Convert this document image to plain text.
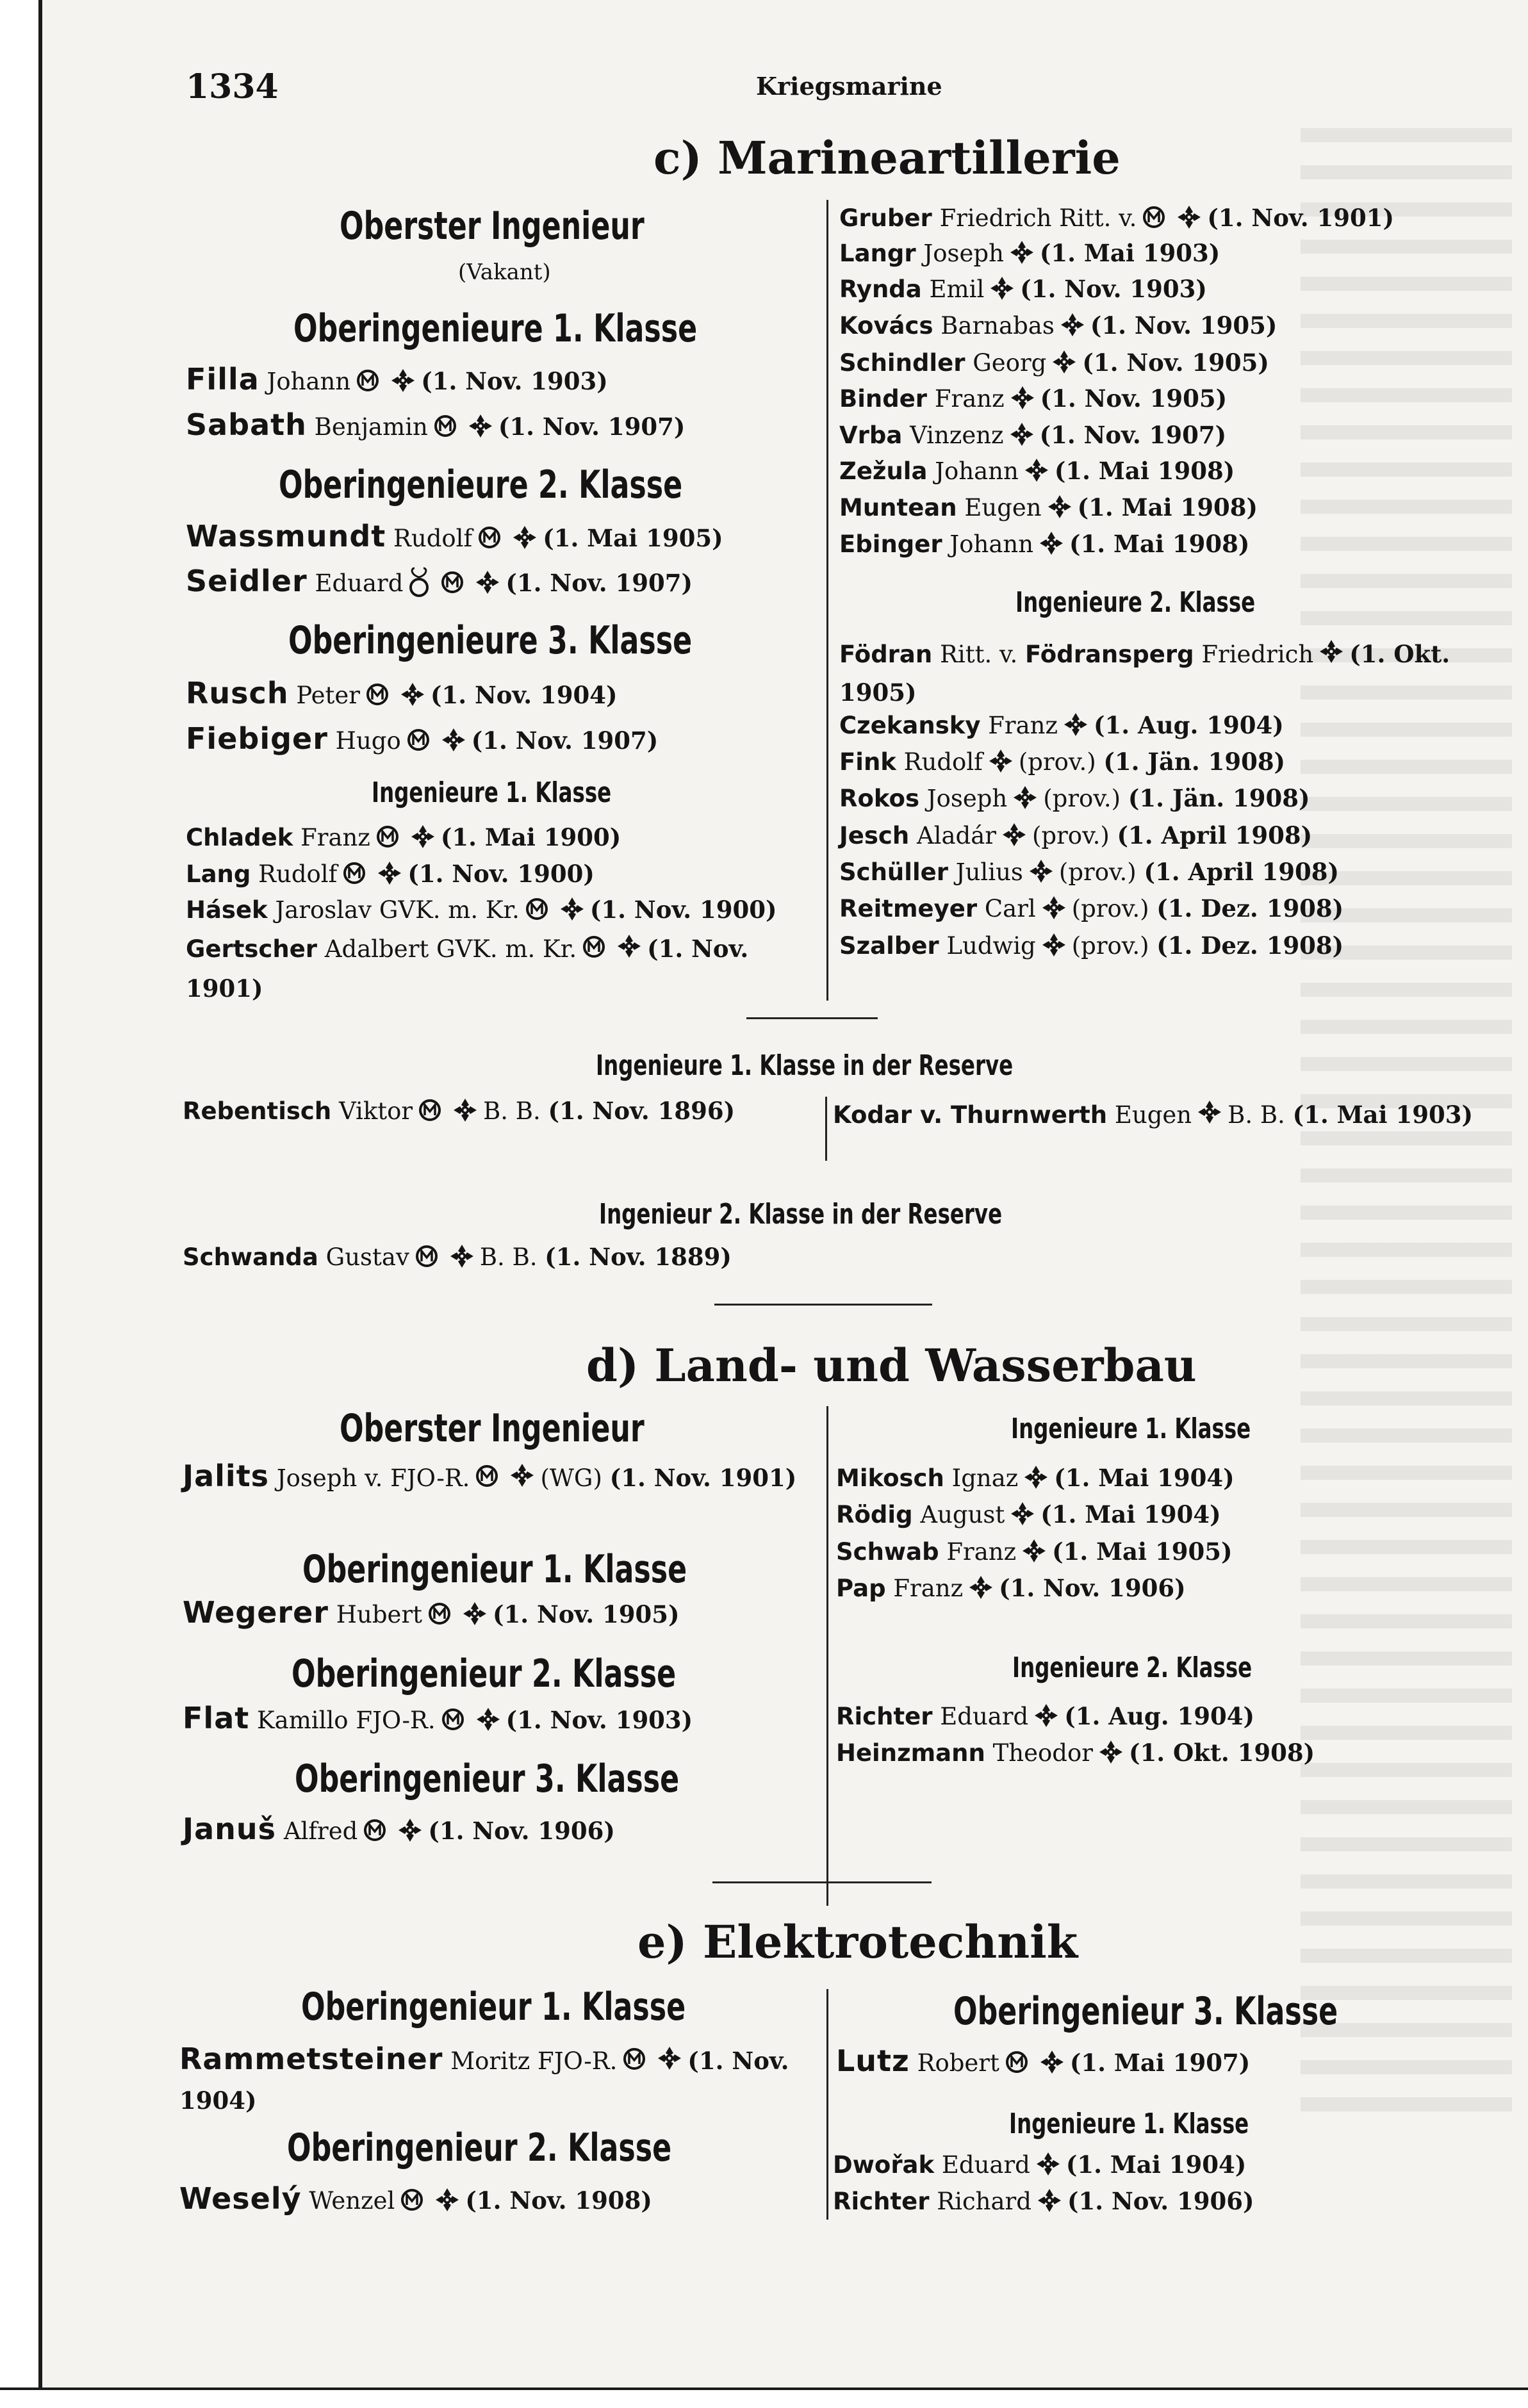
1334	Kriegsmarine
c) Marineartillerie
Oberster Ingenieur
(Vakant)
Oberingenieure 1. Klasse
Filla Johann	(1. Nov. 1903)
Sabath Benjamin	(1. Nov. 1907)
Oberingenieure 2. Klasse
Wassmundt Rudolf	(1. Mai 1905)
Seidler Eduard	(1. Nov. 1907)
Oberingenieure 3. Klasse
Rusch Peter	(1. Nov. 1904)
Fiebiger Hugo	(1. Nov. 1907)
Ingenieure 1. Klasse
Chladek Franz	(1. Mai 1900)
Lang Rudolf	(1. Nov. 1900)
Hásek Jaroslav GVK. m. Kr.	(1. Nov. 1900)
Gertscher Adalbert GVK. m. Kr.	(1. Nov. 1901)
Gruber Friedrich Ritt. v.	(1. Nov. 1901)
Langr Joseph (1. Mai 1903)
Rynda Emil (1. Nov. 1903)
Kovács Barnabas (1. Nov. 1905)
Schindler Georg (1. Nov. 1905)
Binder Franz (1. Nov. 1905)
Vrba Vinzenz (1. Nov. 1907)
Zežula Johann (1. Mai 1908)
Muntean Eugen (1. Mai 1908)
Ebinger Johann (1. Mai 1908)
Ingenieure 2. Klasse
Födran Ritt. v. Födransperg Friedrich (1. Okt. 1905)
Czekansky Franz (1. Aug. 1904)
Fink Rudolf (prov.) (1. Jän. 1908)
Rokos Joseph (prov.) (1. Jän. 1908)
Jesch Aladár (prov.) (1. April 1908)
Schüller Julius (prov.) (1. April 1908)
Reitmeyer Carl (prov.) (1. Dez. 1908)
Szalber Ludwig (prov.) (1. Dez. 1908)
Ingenieure 1. Klasse in der Reserve
Rebentisch Viktor	B. B. (1. Nov. 1896)	Kodar v. Thurnwerth Eugen B. B. (1. Mai 1903)
Ingenieur 2. Klasse in der Reserve
Schwanda Gustav	B. B. (1. Nov. 1889)
d) Land- und Wasserbau
Oberster Ingenieur
Jalits Joseph v. FJO-R.	(WG) (1. Nov. 1901)
Oberingenieur 1. Klasse
Wegerer Hubert	(1. Nov. 1905)
Oberingenieur 2. Klasse
Flat Kamillo FJO-R.	(1. Nov. 1903)
Oberingenieur 3. Klasse
Januš Alfred	(1. Nov. 1906)
Ingenieure 1. Klasse
Mikosch Ignaz (1. Mai 1904)
Rödig August (1. Mai 1904)
Schwab Franz (1. Mai 1905)
Pap Franz (1. Nov. 1906)
Ingenieure 2. Klasse
Richter Eduard (1. Aug. 1904)
Heinzmann Theodor (1. Okt. 1908)
e) Elektrotechnik
Oberingenieur 1. Klasse
Rammetsteiner Moritz FJO-R.	(1. Nov. 1904)
Oberingenieur 2. Klasse
Weselý Wenzel	(1. Nov. 1908)
Oberingenieur 3. Klasse
Lutz Robert	(1. Mai 1907)
Ingenieure 1. Klasse
Dwořak Eduard (1. Mai 1904)
Richter Richard (1. Nov. 1906)
